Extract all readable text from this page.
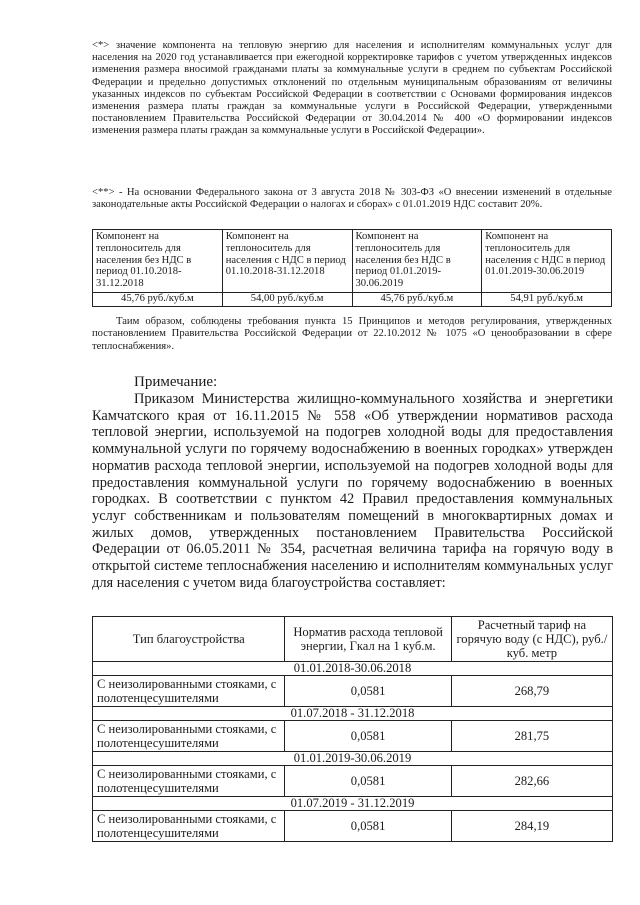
<*> значение компонента на тепловую энергию для населения и исполнителям коммунальных услуг для населения на 2020 год устанавливается при ежегодной корректировке тарифов с учетом утвержденных индексов изменения размера вносимой гражданами платы за коммунальные услуги в среднем по субъектам Российской Федерации и предельно допустимых отклонений по отдельным муниципальным образованиям от величины указанных индексов по субъектам Российской Федерации в соответствии с Основами формирования индексов изменения размера платы граждан за коммунальные услуги в Российской Федерации, утвержденными постановлением Правительства Российской Федерации от 30.04.2014 № 400 «О формировании индексов изменения размера платы граждан за коммунальные услуги в Российской Федерации».
<**> - На основании Федерального закона от 3 августа 2018 № 303-ФЗ «О внесении изменений в отдельные законодательные акты Российской Федерации о налогах и сборах» с 01.01.2019 НДС составит 20%.
Компонент на теплоноситель для населения без НДС в период 01.10.2018-31.12.2018	Компонент на теплоноситель для населения с НДС в период 01.10.2018-31.12.2018	Компонент на теплоноситель для населения без НДС в период 01.01.2019-30.06.2019	Компонент на теплоноситель для населения с НДС в период 01.01.2019-30.06.2019
45,76 руб./куб.м	54,00 руб./куб.м	45,76 руб./куб.м	54,91 руб./куб.м
Таим образом, соблюдены требования пункта 15 Принципов и методов регулирования, утвержденных постановлением Правительства Российской Федерации от 22.10.2012 № 1075 «О ценообразовании в сфере теплоснабжения».
Примечание:
Приказом Министерства жилищно-коммунального хозяйства и энергетики Камчатского края от 16.11.2015 № 558 «Об утверждении нормативов расхода тепловой энергии, используемой на подогрев холодной воды для предоставления коммунальной услуги по горячему водоснабжению в военных городках» утвержден норматив расхода тепловой энергии, используемой на подогрев холодной воды для предоставления коммунальной услуги по горячему водоснабжению в военных городках. В соответствии с пунктом 42 Правил предоставления коммунальных услуг собственникам и пользователям помещений в многоквартирных домах и жилых домов, утвержденных постановлением Правительства Российской Федерации от 06.05.2011 № 354, расчетная величина тарифа на горячую воду в открытой системе теплоснабжения населению и исполнителям коммунальных услуг для населения с учетом вида благоустройства составляет:
Тип благоустройства	Норматив расхода тепловой энергии, Гкал на 1 куб.м.	Расчетный тариф на горячую воду (с НДС), руб./куб. метр
01.01.2018-30.06.2018		
С неизолированными стояками, с полотенцесушителями	0,0581	268,79
01.07.2018 - 31.12.2018		
С неизолированными стояками, с полотенцесушителями	0,0581	281,75
01.01.2019-30.06.2019		
С неизолированными стояками, с полотенцесушителями	0,0581	282,66
01.07.2019 - 31.12.2019		
С неизолированными стояками, с полотенцесушителями	0,0581	284,19
